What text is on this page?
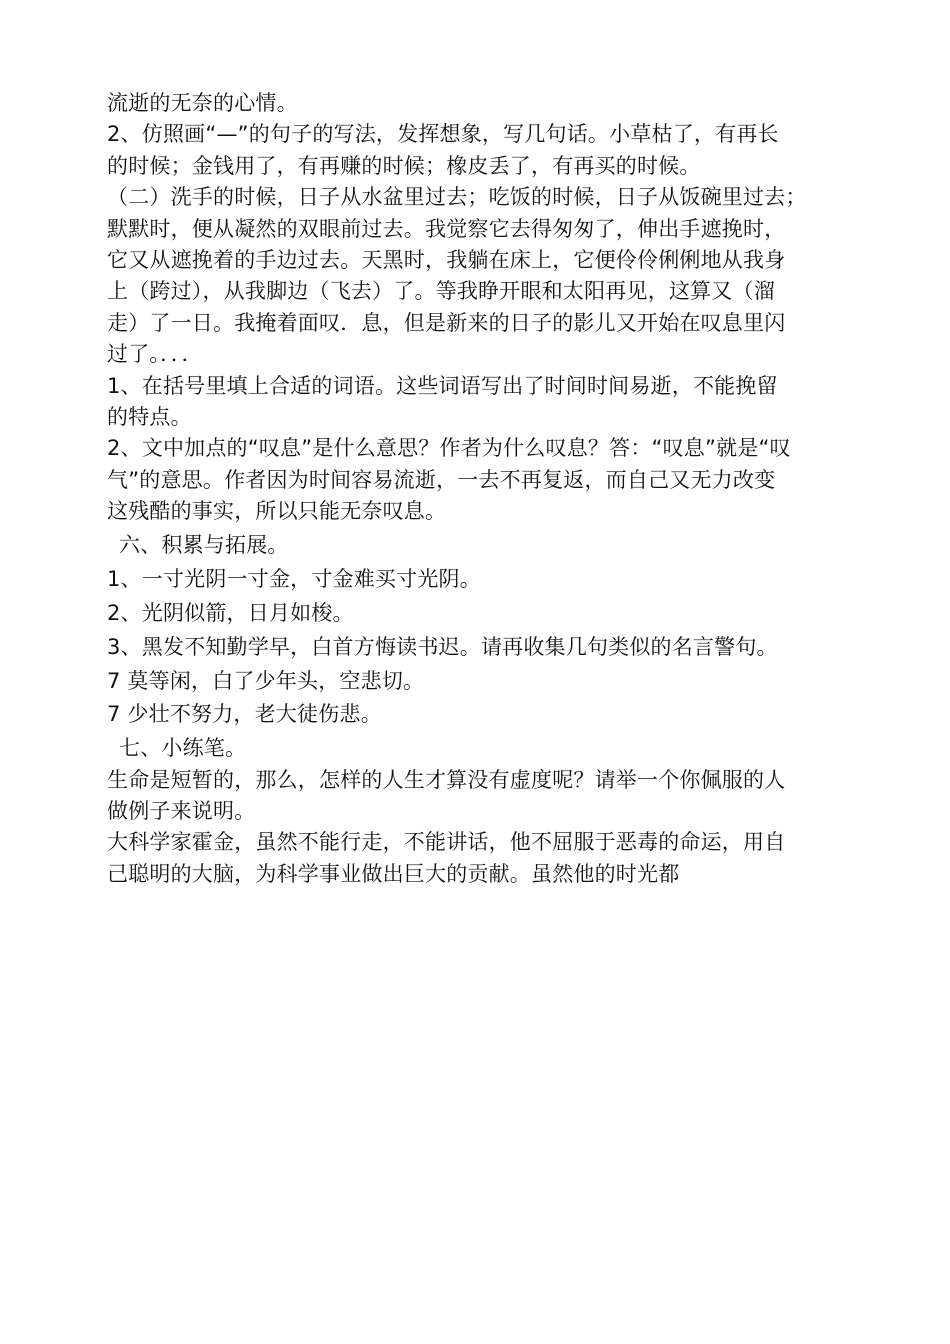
流逝的无奈的心情。
2、仿照画“—”的句子的写法，发挥想象，写几句话。小草枯了，有再长
的时候；金钱用了，有再赚的时候；橡皮丢了，有再买的时候。
（二）洗手的时候，日子从水盆里过去；吃饭的时候，日子从饭碗里过去；
默默时，便从凝然的双眼前过去。我觉察它去得匆匆了，伸出手遮挽时，
它又从遮挽着的手边过去。天黑时，我躺在床上，它便伶伶俐俐地从我身
上（跨过），从我脚边（飞去）了。等我睁开眼和太阳再见，这算又（溜
走）了一日。我掩着面叹．息，但是新来的日子的影儿又开始在叹息里闪
过了。．．．
1、在括号里填上合适的词语。这些词语写出了时间时间易逝，不能挽留
的特点。
2、文中加点的“叹息”是什么意思？作者为什么叹息？答：“叹息”就是“叹
气”的意思。作者因为时间容易流逝，一去不再复返，而自己又无力改变
这残酷的事实，所以只能无奈叹息。
六、积累与拓展。
1、一寸光阴一寸金，寸金难买寸光阴。
2、光阴似箭，日月如梭。
3、黑发不知勤学早，白首方悔读书迟。请再收集几句类似的名言警句。
7 莫等闲，白了少年头，空悲切。
7 少壮不努力，老大徒伤悲。
七、小练笔。
生命是短暂的，那么，怎样的人生才算没有虚度呢？请举一个你佩服的人
做例子来说明。
大科学家霍金，虽然不能行走，不能讲话，他不屈服于恶毒的命运，用自
己聪明的大脑，为科学事业做出巨大的贡献。虽然他的时光都
